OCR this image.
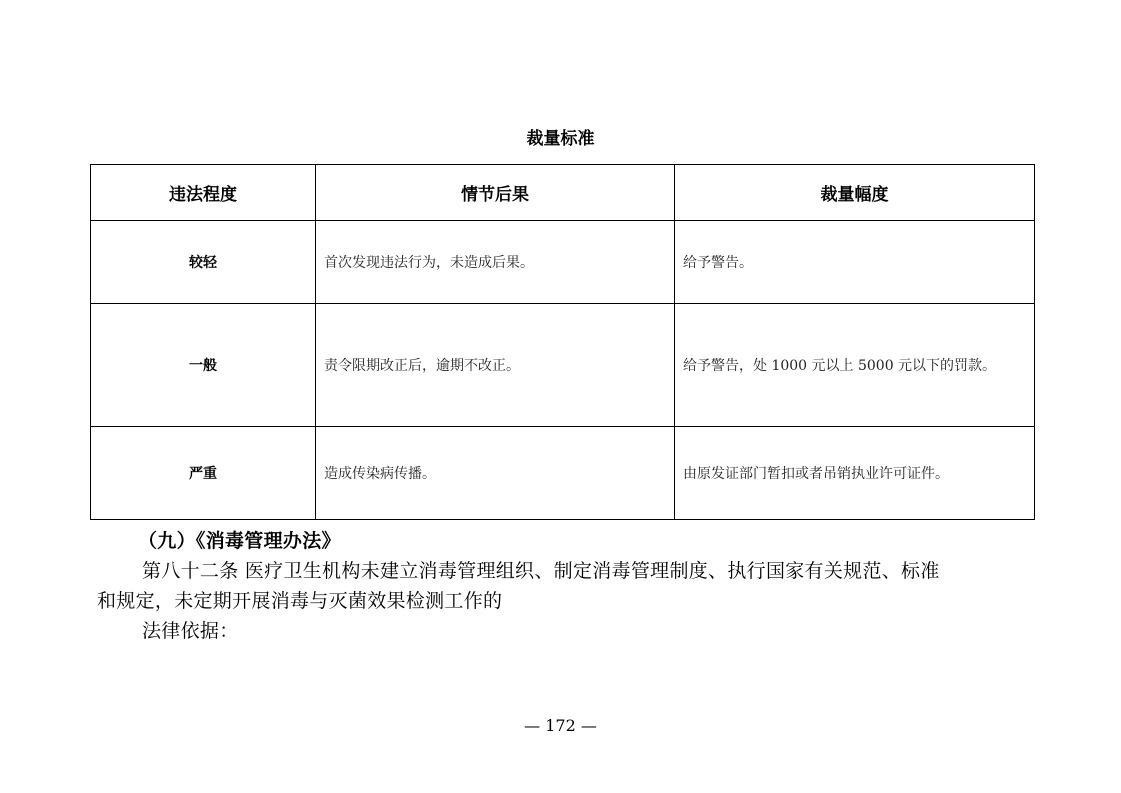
裁量标准
违法程度	情节后果	裁量幅度
较轻	首次发现违法行为，未造成后果。	给予警告。
一般	责令限期改正后，逾期不改正。	给予警告，处 1000 元以上 5000 元以下的罚款。
严重	造成传染病传播。	由原发证部门暂扣或者吊销执业许可证件。
（九）《消毒管理办法》
第八十二条 医疗卫生机构未建立消毒管理组织、制定消毒管理制度、执行国家有关规范、标准
和规定，未定期开展消毒与灭菌效果检测工作的
法律依据：
— 172 —
